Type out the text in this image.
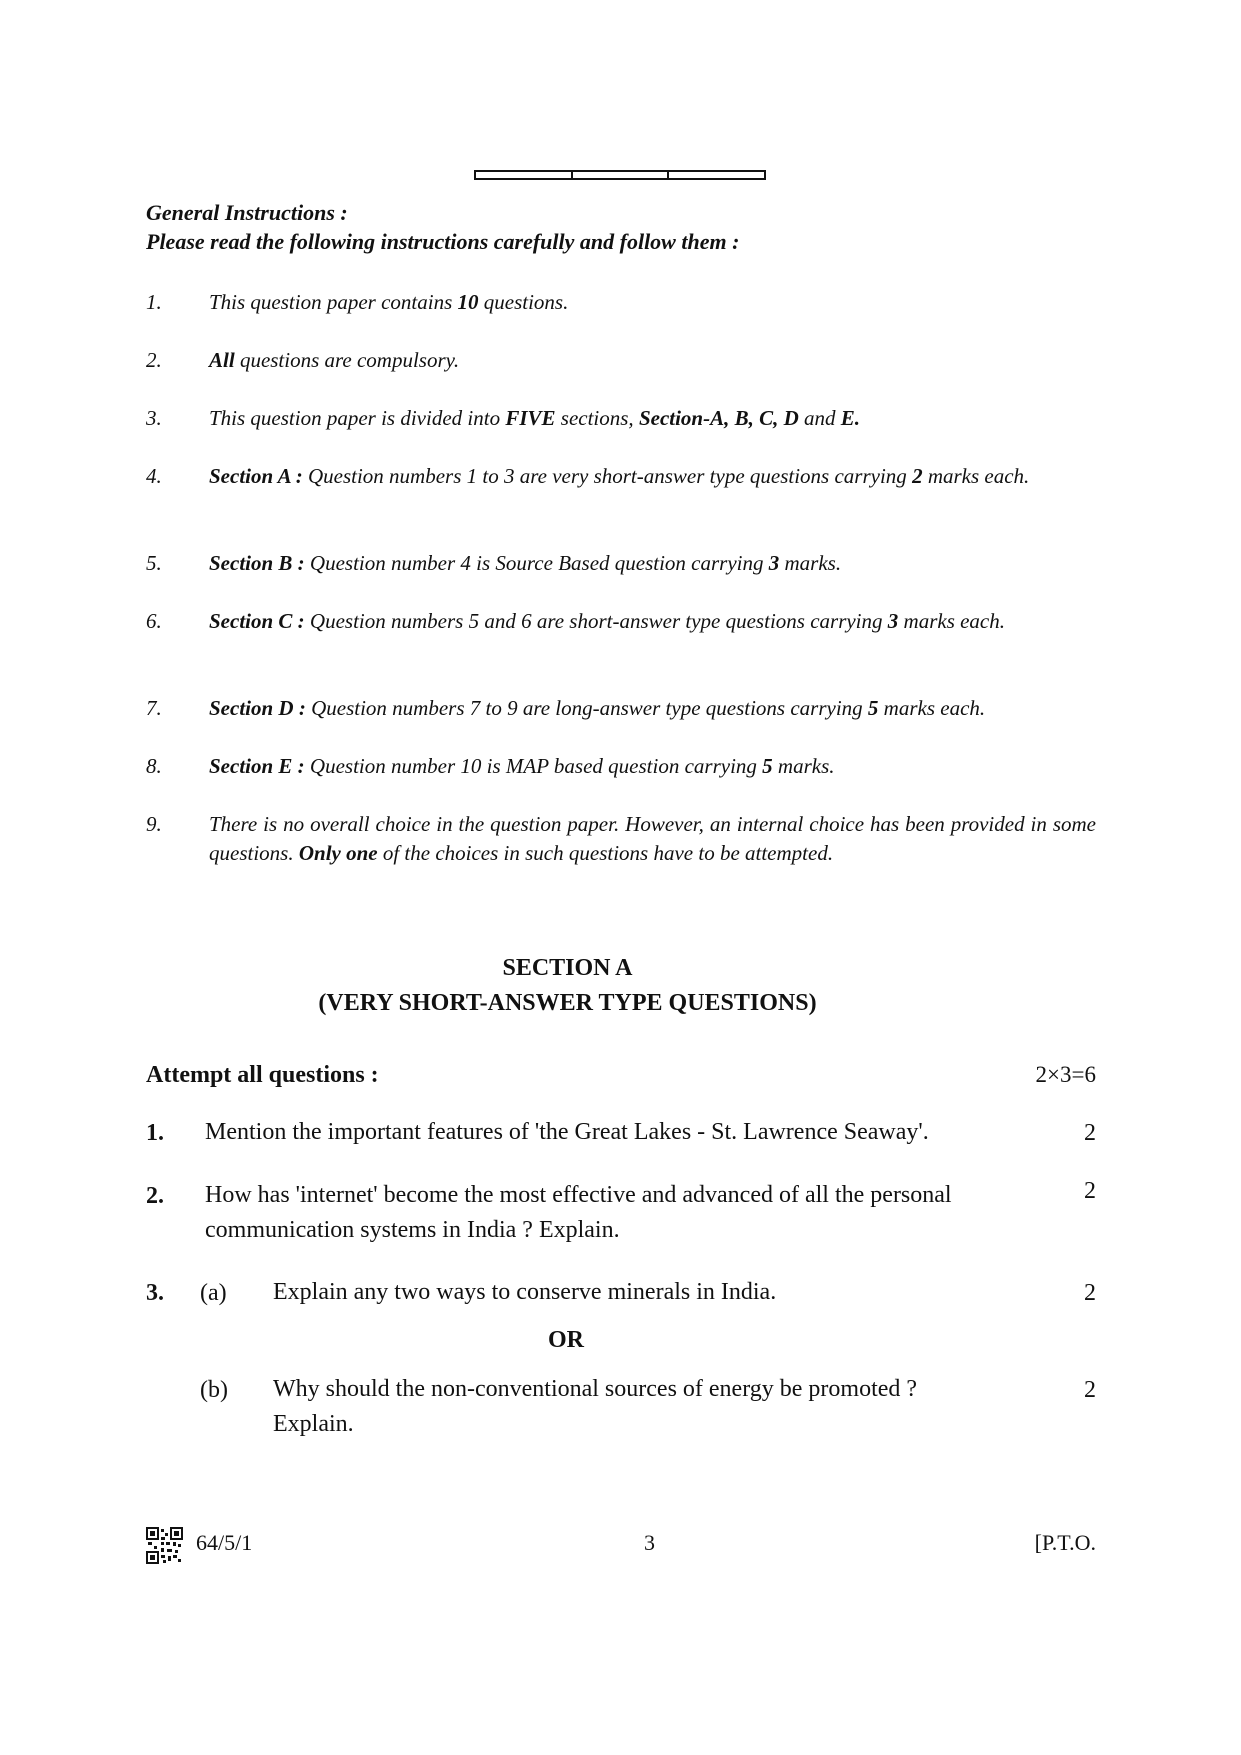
General Instructions :
Please read the following instructions carefully and follow them :
1. This question paper contains 10 questions.
2. All questions are compulsory.
3. This question paper is divided into FIVE sections, Section-A, B, C, D and E.
4. Section A : Question numbers 1 to 3 are very short-answer type questions carrying 2 marks each.
5. Section B : Question number 4 is Source Based question carrying 3 marks.
6. Section C : Question numbers 5 and 6 are short-answer type questions carrying 3 marks each.
7. Section D : Question numbers 7 to 9 are long-answer type questions carrying 5 marks each.
8. Section E : Question number 10 is MAP based question carrying 5 marks.
9. There is no overall choice in the question paper. However, an internal choice has been provided in some questions. Only one of the choices in such questions have to be attempted.
SECTION A
(VERY SHORT-ANSWER TYPE QUESTIONS)
Attempt all questions :	2×3=6
1. Mention the important features of 'the Great Lakes - St. Lawrence Seaway'.	2
2. How has 'internet' become the most effective and advanced of all the personal communication systems in India ? Explain.
2
3. (a) Explain any two ways to conserve minerals in India.	2
OR
(b) Why should the non-conventional sources of energy be promoted ? Explain.
2
64/5/1	3	[P.T.O.
